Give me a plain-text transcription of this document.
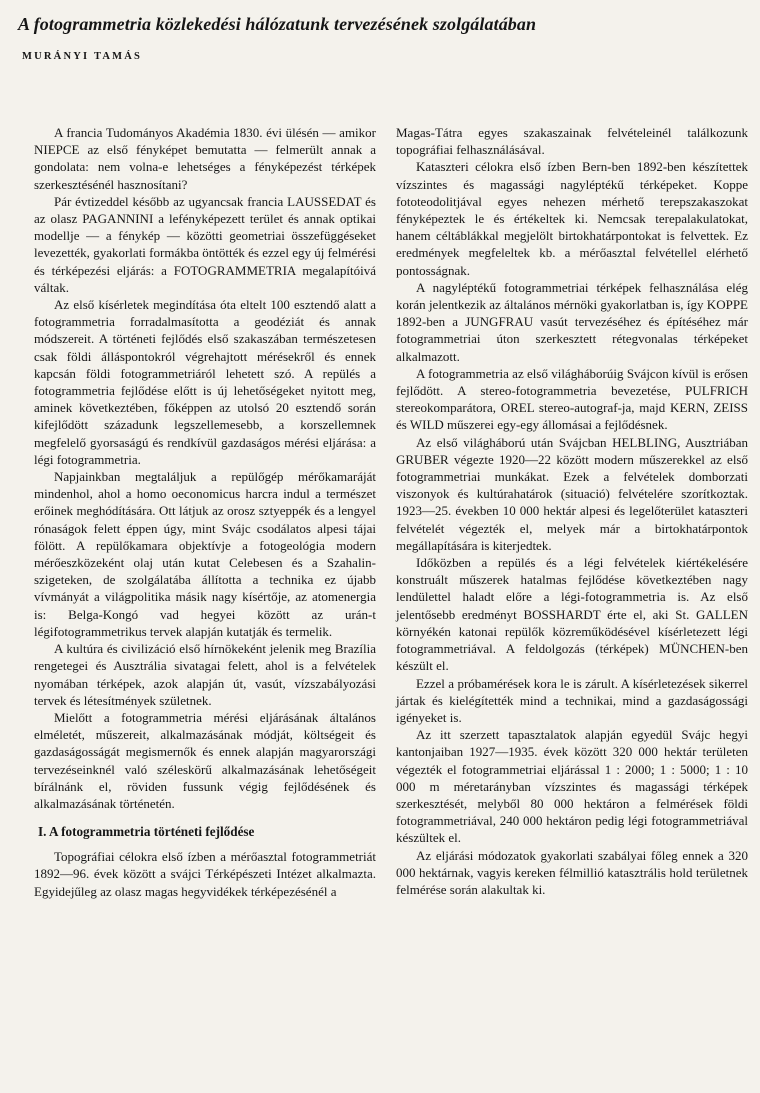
A fotogrammetria közlekedési hálózatunk tervezésének szolgálatában
MURÁNYI TAMÁS

A francia Tudományos Akadémia 1830. évi ülésén — amikor NIEPCE az első fényképet bemutatta — felmerült annak a gondolata: nem volna-e lehetséges a fényképezést térképek szerkesztésénél hasznosítani?

Pár évtizeddel később az ugyancsak francia LAUSSEDAT és az olasz PAGANNINI a lefényképezett terület és annak optikai modellje — a fénykép — közötti geometriai összefüggéseket levezették, gyakorlati formákba öntötték és ezzel egy új felmérési és térképezési eljárás: a FOTOGRAMMETRIA megalapítóivá váltak.

Az első kísérletek megindítása óta eltelt 100 esztendő alatt a fotogrammetria forradalmasította a geodéziát és annak módszereit. A történeti fejlődés első szakaszában természetesen csak földi álláspontokról végrehajtott mérésekről és ennek kapcsán földi fotogrammetriáról lehetett szó. A repülés a fotogrammetria fejlődése előtt is új lehetőségeket nyitott meg, aminek következtében, főképpen az utolsó 20 esztendő során kifejlődött századunk legszellemesebb, a korszellemnek megfelelő gyorsaságú és rendkívül gazdaságos mérési eljárása: a légi fotogrammetria.

Napjainkban megtaláljuk a repülőgép mérőkamaráját mindenhol, ahol a homo oeconomicus harcra indul a természet erőinek meghódítására. Ott látjuk az orosz sztyeppék és a lengyel rónaságok felett éppen úgy, mint Svájc csodálatos alpesi tájai fölött. A repülőkamara objektívje a fotogeológia modern mérőeszközeként olaj után kutat Celebesen és a Szahalin-szigeteken, de szolgálatába állította a technika ez újabb vívmányát a világpolitika másik nagy kísértője, az atomenergia is: Belga-Kongó vad hegyei között az urán-t légifotogrammetrikus tervek alapján kutatják és termelik.

A kultúra és civilizáció első hírnökeként jelenik meg Brazília rengetegei és Ausztrália sivatagai felett, ahol is a felvételek nyomában térképek, azok alapján út, vasút, vízszabályozási tervek és létesítmények születnek.

Mielőtt a fotogrammetria mérési eljárásának általános elméletét, műszereit, alkalmazásának módját, költségeit és gazdaságosságát megismernők és ennek alapján magyarországi tervezéseinknél való széleskörű alkalmazásának lehetőségeit bírálnánk el, röviden fussunk végig fejlődésének és alkalmazásának történetén.

I. A fotogrammetria történeti fejlődése

Topográfiai célokra első ízben a mérőasztal fotogrammetriát 1892—96. évek között a svájci Térképészeti Intézet alkalmazta. Egyidejűleg az olasz magas hegyvidékek térképezésénél a

Magas-Tátra egyes szakaszainak felvételeinél találkozunk topográfiai felhasználásával.

Kataszteri célokra első ízben Bern-ben 1892-ben készítettek vízszintes és magassági nagyléptékű térképeket. Koppe fototeodolitjával egyes nehezen mérhető terepszakaszokat fényképeztek le és értékeltek ki. Nemcsak terepalakulatokat, hanem céltáblákkal megjelölt birtokhatárpontokat is felvettek. Ez eredmények megfeleltek kb. a mérőasztal felvétellel elérhető pontosságnak.

A nagyléptékű fotogrammetriai térképek felhasználása elég korán jelentkezik az általános mérnöki gyakorlatban is, így KOPPE 1892-ben a JUNGFRAU vasút tervezéséhez és építéséhez már fotogrammetriai úton szerkesztett rétegvonalas térképeket alkalmazott.

A fotogrammetria az első világháborúig Svájcon kívül is erősen fejlődött. A stereo-fotogrammetria bevezetése, PULFRICH stereokomparátora, OREL stereo-autograf-ja, majd KERN, ZEISS és WILD műszerei egy-egy állomásai a fejlődésnek.

Az első világháború után Svájcban HELBLING, Ausztriában GRUBER végezte 1920—22 között modern műszerekkel az első fotogrammetriai munkákat. Ezek a felvételek domborzati viszonyok és kultúrahatárok (situació) felvételére szorítkoztak. 1923—25. években 10 000 hektár alpesi és legelőterület kataszteri felvételét végezték el, melyek már a birtokhatárpontok megállapítására is kiterjedtek.

Időközben a repülés és a légi felvételek kiértékelésére konstruált műszerek hatalmas fejlődése következtében nagy lendülettel haladt előre a légi-fotogrammetria is. Az első jelentősebb eredményt BOSSHARDT érte el, aki St. GALLEN környékén katonai repülők közreműködésével kísérletezett légi fotogrammetriával. A feldolgozás (térképek) MÜNCHEN-ben készült el.

Ezzel a próbamérések kora le is zárult. A kísérletezések sikerrel jártak és kielégítették mind a technikai, mind a gazdaságossági igényeket is.

Az itt szerzett tapasztalatok alapján egyedül Svájc hegyi kantonjaiban 1927—1935. évek között 320 000 hektár területen végezték el fotogrammetriai eljárással 1 : 2000; 1 : 5000; 1 : 10 000 m méretarányban vízszintes és magassági térképek szerkesztését, melyből 80 000 hektáron a felmérések földi fotogrammetriával, 240 000 hektáron pedig légi fotogrammetriával készültek el.

Az eljárási módozatok gyakorlati szabályai főleg ennek a 320 000 hektárnak, vagyis kereken félmillió katasztrális hold területnek felmérése során alakultak ki.
